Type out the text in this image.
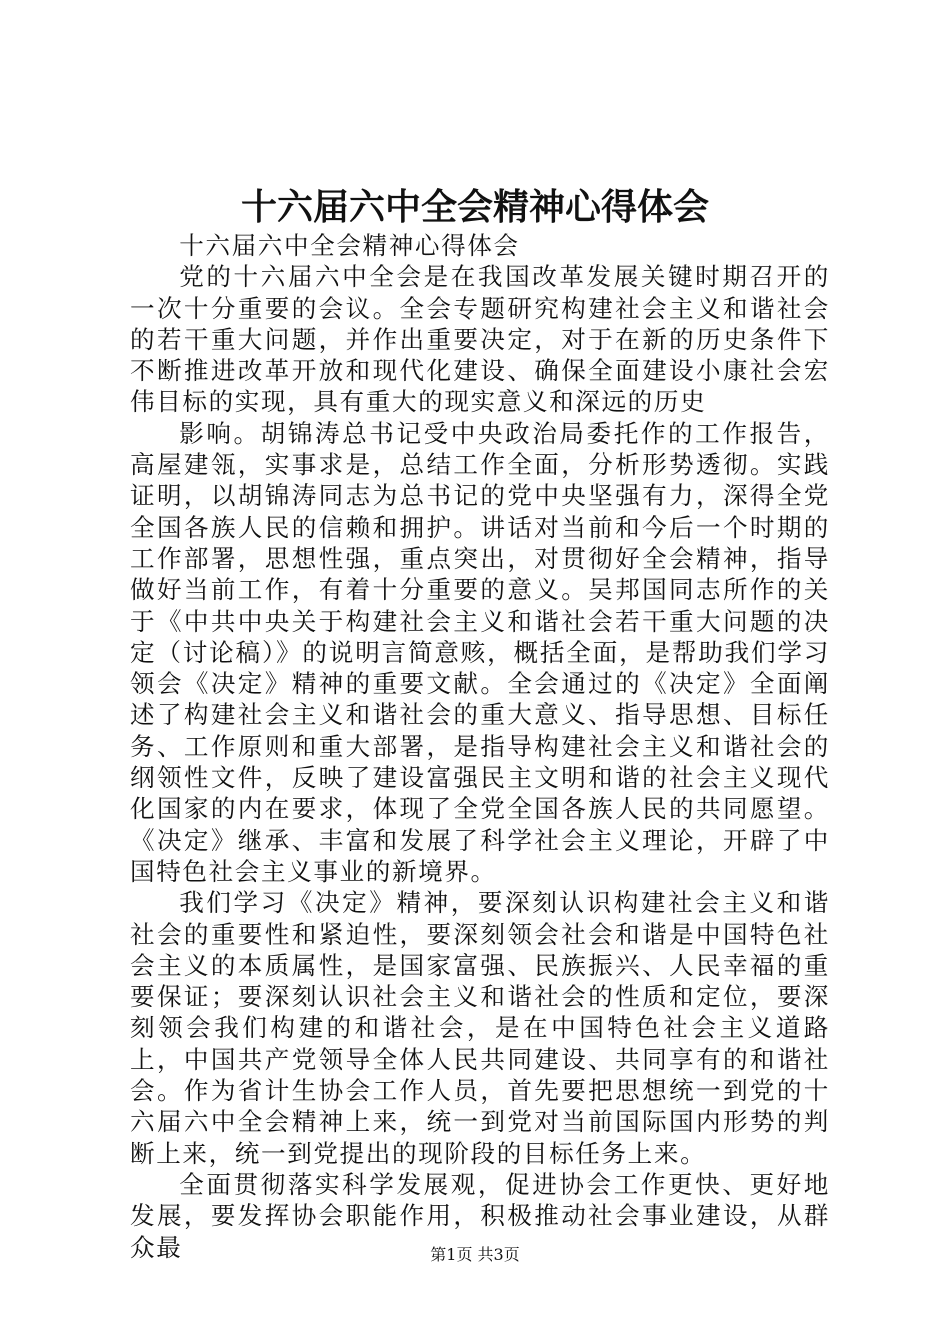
十六届六中全会精神心得体会

十六届六中全会精神心得体会

党的十六届六中全会是在我国改革发展关键时期召开的一次十分重要的会议。全会专题研究构建社会主义和谐社会的若干重大问题，并作出重要决定，对于在新的历史条件下不断推进改革开放和现代化建设、确保全面建设小康社会宏伟目标的实现，具有重大的现实意义和深远的历史

影响。胡锦涛总书记受中央政治局委托作的工作报告，高屋建瓴，实事求是，总结工作全面，分析形势透彻。实践证明，以胡锦涛同志为总书记的党中央坚强有力，深得全党全国各族人民的信赖和拥护。讲话对当前和今后一个时期的工作部署，思想性强，重点突出，对贯彻好全会精神，指导做好当前工作，有着十分重要的意义。吴邦国同志所作的关于《中共中央关于构建社会主义和谐社会若干重大问题的决定（讨论稿）》的说明言简意赅，概括全面，是帮助我们学习领会《决定》精神的重要文献。全会通过的《决定》全面阐述了构建社会主义和谐社会的重大意义、指导思想、目标任务、工作原则和重大部署，是指导构建社会主义和谐社会的纲领性文件，反映了建设富强民主文明和谐的社会主义现代化国家的内在要求，体现了全党全国各族人民的共同愿望。《决定》继承、丰富和发展了科学社会主义理论，开辟了中国特色社会主义事业的新境界。

我们学习《决定》精神，要深刻认识构建社会主义和谐社会的重要性和紧迫性，要深刻领会社会和谐是中国特色社会主义的本质属性，是国家富强、民族振兴、人民幸福的重要保证；要深刻认识社会主义和谐社会的性质和定位，要深刻领会我们构建的和谐社会，是在中国特色社会主义道路上，中国共产党领导全体人民共同建设、共同享有的和谐社会。作为省计生协会工作人员，首先要把思想统一到党的十六届六中全会精神上来，统一到党对当前国际国内形势的判断上来，统一到党提出的现阶段的目标任务上来。

全面贯彻落实科学发展观，促进协会工作更快、更好地发展，要发挥协会职能作用，积极推动社会事业建设，从群众最	第1页 共3页
